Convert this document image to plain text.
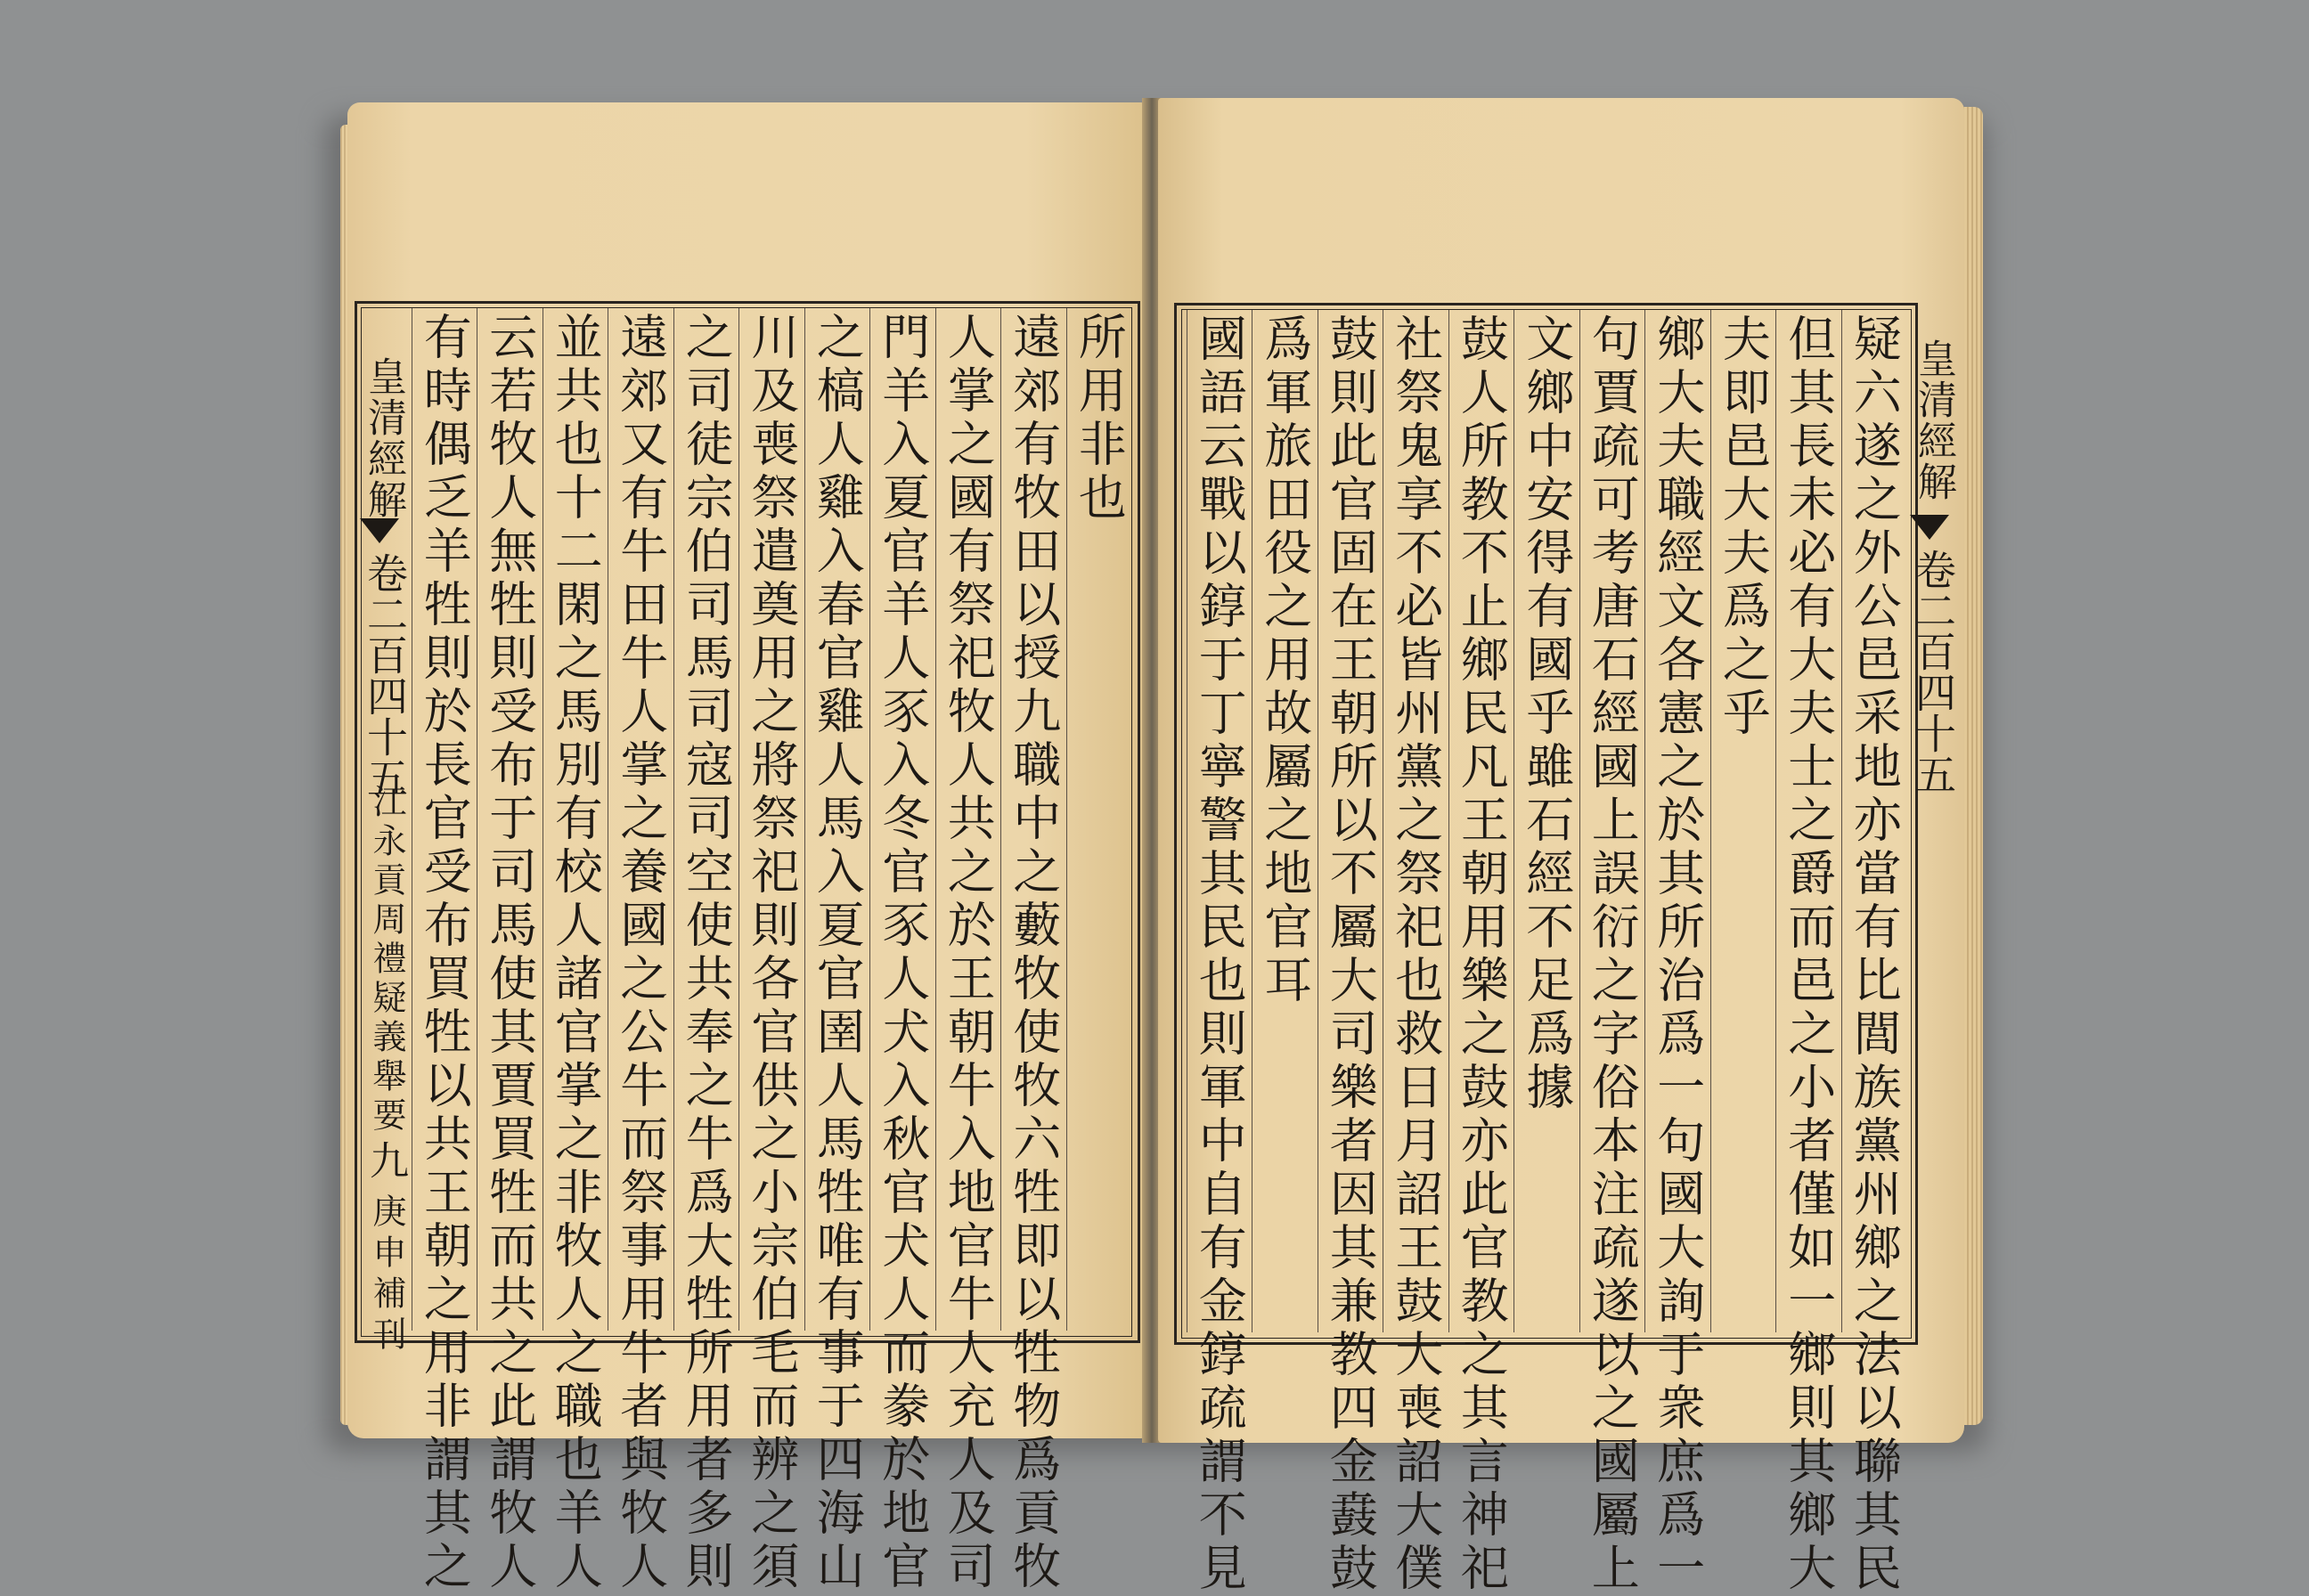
所用非也
遠郊有牧田以授九職中之藪牧使牧六牲即以牲物爲貢牧
人掌之國有祭祀牧人共之於王朝牛入地官牛人充人及司
門羊入夏官羊人豕入冬官豕人犬入秋官犬人而豢於地官
之槁人雞入春官雞人馬入夏官圉人馬牲唯有事于四海山
川及喪祭遣奠用之將祭祀則各官供之小宗伯毛而辨之須
之司徒宗伯司馬司寇司空使共奉之牛爲大牲所用者多則
遠郊又有牛田牛人掌之養國之公牛而祭事用牛者與牧人
並共也十二閑之馬別有校人諸官掌之非牧人之職也羊人
云若牧人無牲則受布于司馬使其賈買牲而共之此謂牧人
有時偶乏羊牲則於長官受布買牲以共王朝之用非謂其之
皇清經解
卷二百四十五
江永貢周禮疑義舉要
九
庚申補刊	疑六遂之外公邑采地亦當有比閭族黨州鄉之法以聯其民
但其長未必有大夫士之爵而邑之小者僅如一鄉則其鄉大
夫即邑大夫爲之乎
鄉大夫職經文各憲之於其所治爲一句國大詢于衆庶爲一
句賈疏可考唐石經國上誤衍之字俗本注疏遂以之國屬上
文鄉中安得有國乎雖石經不足爲據
鼓人所教不止鄉民凡王朝用樂之鼓亦此官教之其言神祀
社祭鬼享不必皆州黨之祭祀也救日月詔王鼓大喪詔大僕
鼓則此官固在王朝所以不屬大司樂者因其兼教四金鼖鼓
爲軍旅田役之用故屬之地官耳
國語云戰以錞于丁寧警其民也則軍中自有金錞疏謂不見	皇清經解
卷二百四十五
